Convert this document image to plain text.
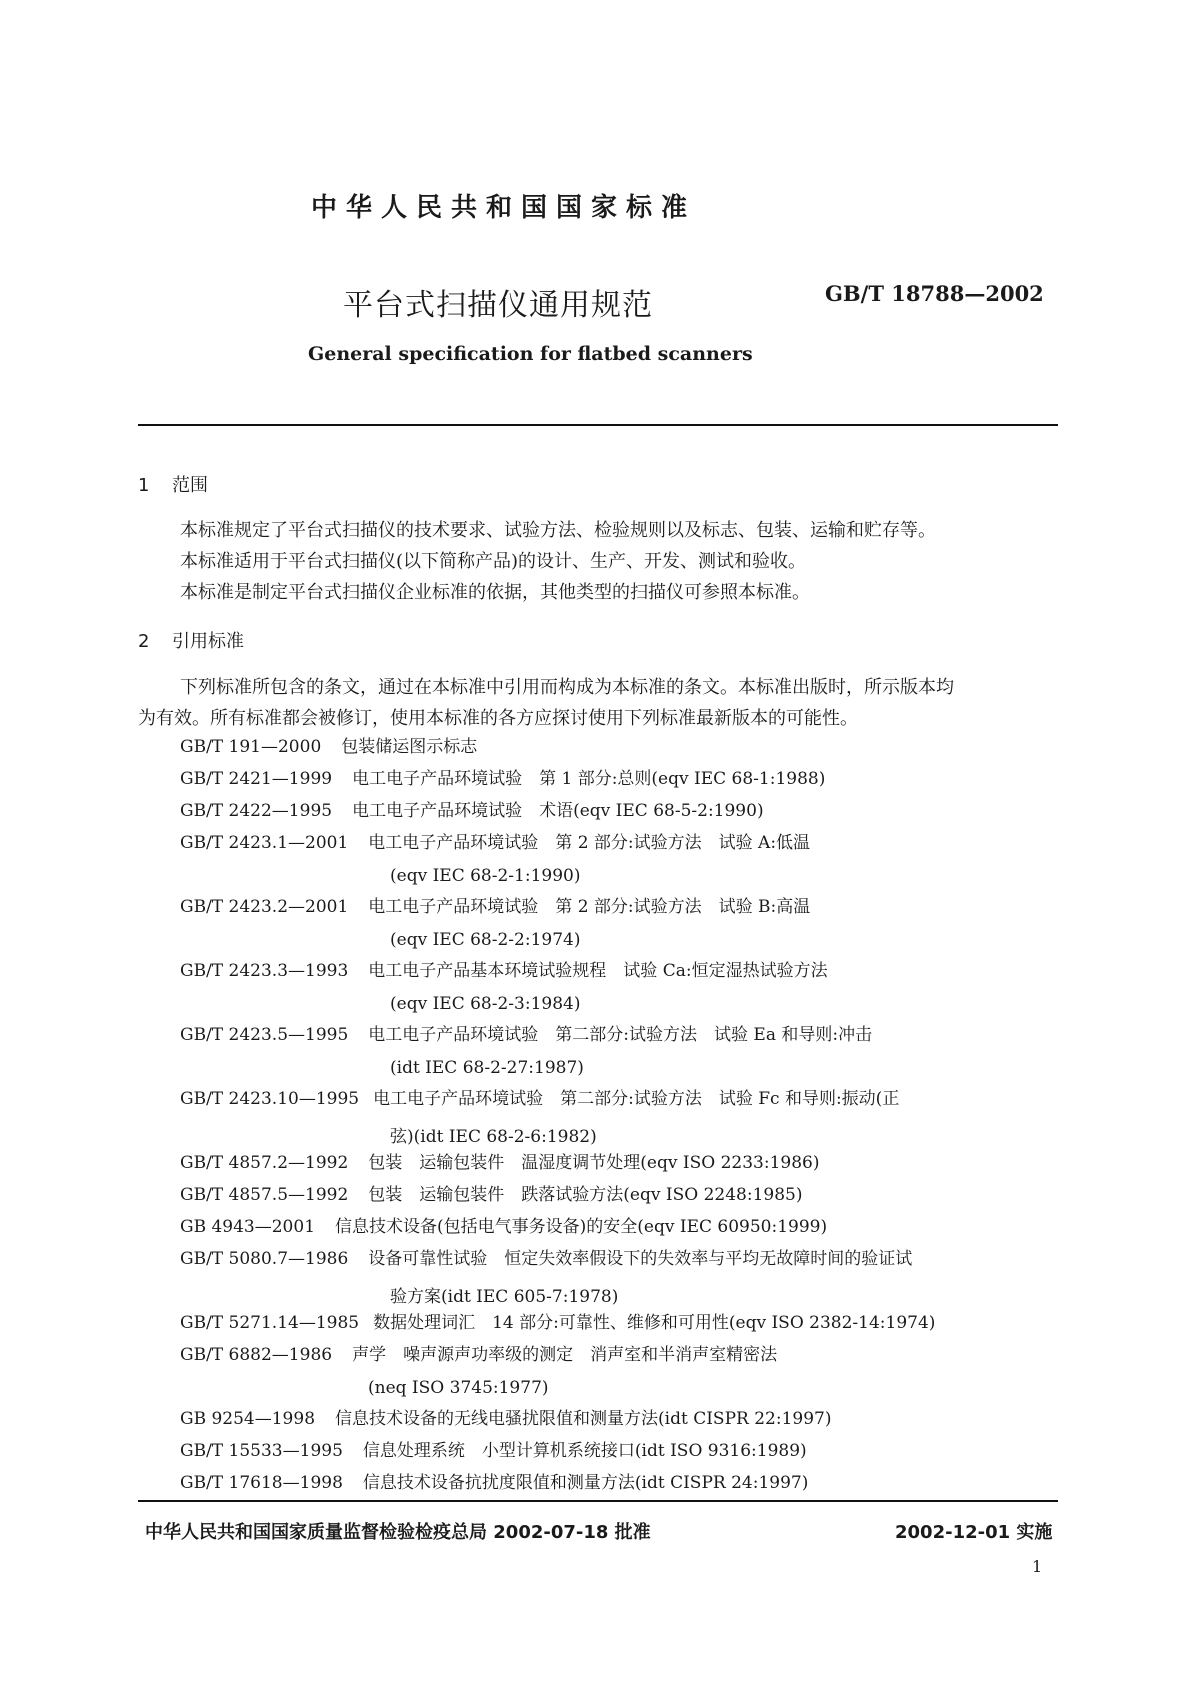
中华人民共和国国家标准
平台式扫描仪通用规范	GB/T 18788—2002
General specification for flatbed scanners
1 范围
本标准规定了平台式扫描仪的技术要求、试验方法、检验规则以及标志、包装、运输和贮存等。
本标准适用于平台式扫描仪(以下简称产品)的设计、生产、开发、测试和验收。
本标准是制定平台式扫描仪企业标准的依据，其他类型的扫描仪可参照本标准。
2 引用标准
下列标准所包含的条文，通过在本标准中引用而构成为本标准的条文。本标准出版时，所示版本均
为有效。所有标准都会被修订，使用本标准的各方应探讨使用下列标准最新版本的可能性。
GB/T 191—2000 包装储运图示标志
GB/T 2421—1999 电工电子产品环境试验　第 1 部分:总则(eqv IEC 68-1:1988)
GB/T 2422—1995 电工电子产品环境试验　术语(eqv IEC 68-5-2:1990)
GB/T 2423.1—2001 电工电子产品环境试验　第 2 部分:试验方法　试验 A:低温
(eqv IEC 68-2-1:1990)
GB/T 2423.2—2001 电工电子产品环境试验　第 2 部分:试验方法　试验 B:高温
(eqv IEC 68-2-2:1974)
GB/T 2423.3—1993 电工电子产品基本环境试验规程　试验 Ca:恒定湿热试验方法
(eqv IEC 68-2-3:1984)
GB/T 2423.5—1995 电工电子产品环境试验　第二部分:试验方法　试验 Ea 和导则:冲击
(idt IEC 68-2-27:1987)
GB/T 2423.10—1995 电工电子产品环境试验　第二部分:试验方法　试验 Fc 和导则:振动(正
弦)(idt IEC 68-2-6:1982)
GB/T 4857.2—1992 包装　运输包装件　温湿度调节处理(eqv ISO 2233:1986)
GB/T 4857.5—1992 包装　运输包装件　跌落试验方法(eqv ISO 2248:1985)
GB 4943—2001 信息技术设备(包括电气事务设备)的安全(eqv IEC 60950:1999)
GB/T 5080.7—1986 设备可靠性试验　恒定失效率假设下的失效率与平均无故障时间的验证试
验方案(idt IEC 605-7:1978)
GB/T 5271.14—1985 数据处理词汇　14 部分:可靠性、维修和可用性(eqv ISO 2382-14:1974)
GB/T 6882—1986 声学　噪声源声功率级的测定　消声室和半消声室精密法
(neq ISO 3745:1977)
GB 9254—1998 信息技术设备的无线电骚扰限值和测量方法(idt CISPR 22:1997)
GB/T 15533—1995 信息处理系统　小型计算机系统接口(idt ISO 9316:1989)
GB/T 17618—1998 信息技术设备抗扰度限值和测量方法(idt CISPR 24:1997)
中华人民共和国国家质量监督检验检疫总局 2002-07-18 批准	2002-12-01 实施
1
